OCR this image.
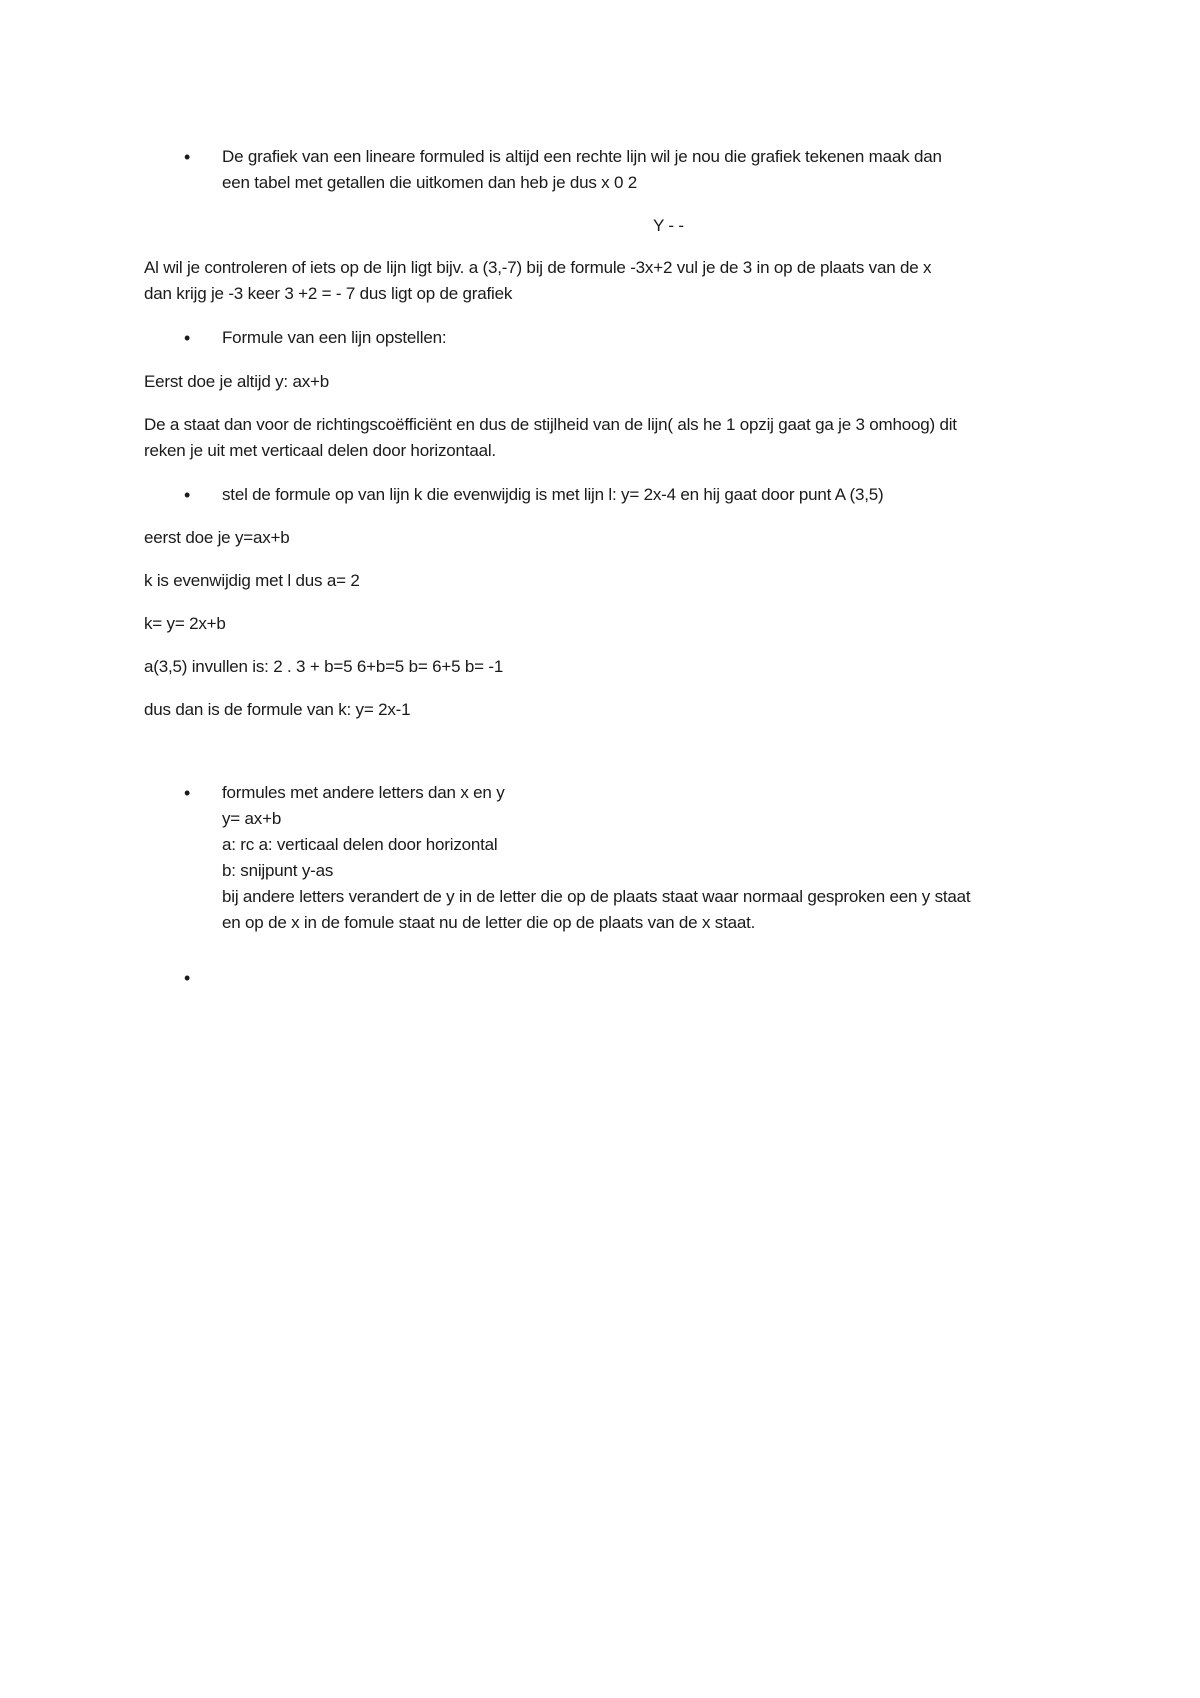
• De grafiek van een lineare formuled is altijd een rechte lijn wil je nou die grafiek tekenen maak dan
een tabel met getallen die uitkomen dan heb je dus x 0 2
Y - -
Al wil je controleren of iets op de lijn ligt bijv. a (3,-7) bij de formule -3x+2 vul je de 3 in op de plaats van de x
dan krijg je -3 keer 3 +2 = - 7 dus ligt op de grafiek
• Formule van een lijn opstellen:
Eerst doe je altijd y: ax+b
De a staat dan voor de richtingscoëfficiënt en dus de stijlheid van de lijn( als he 1 opzij gaat ga je 3 omhoog) dit
reken je uit met verticaal delen door horizontaal.
• stel de formule op van lijn k die evenwijdig is met lijn l: y= 2x-4 en hij gaat door punt A (3,5)
eerst doe je y=ax+b
k is evenwijdig met l dus a= 2
k= y= 2x+b
a(3,5) invullen is: 2 . 3 + b=5 6+b=5 b= 6+5 b= -1
dus dan is de formule van k: y= 2x-1
• formules met andere letters dan x en y
y= ax+b
a: rc a: verticaal delen door horizontal
b: snijpunt y-as
bij andere letters verandert de y in de letter die op de plaats staat waar normaal gesproken een y staat
en op de x in de fomule staat nu de letter die op de plaats van de x staat.
•
